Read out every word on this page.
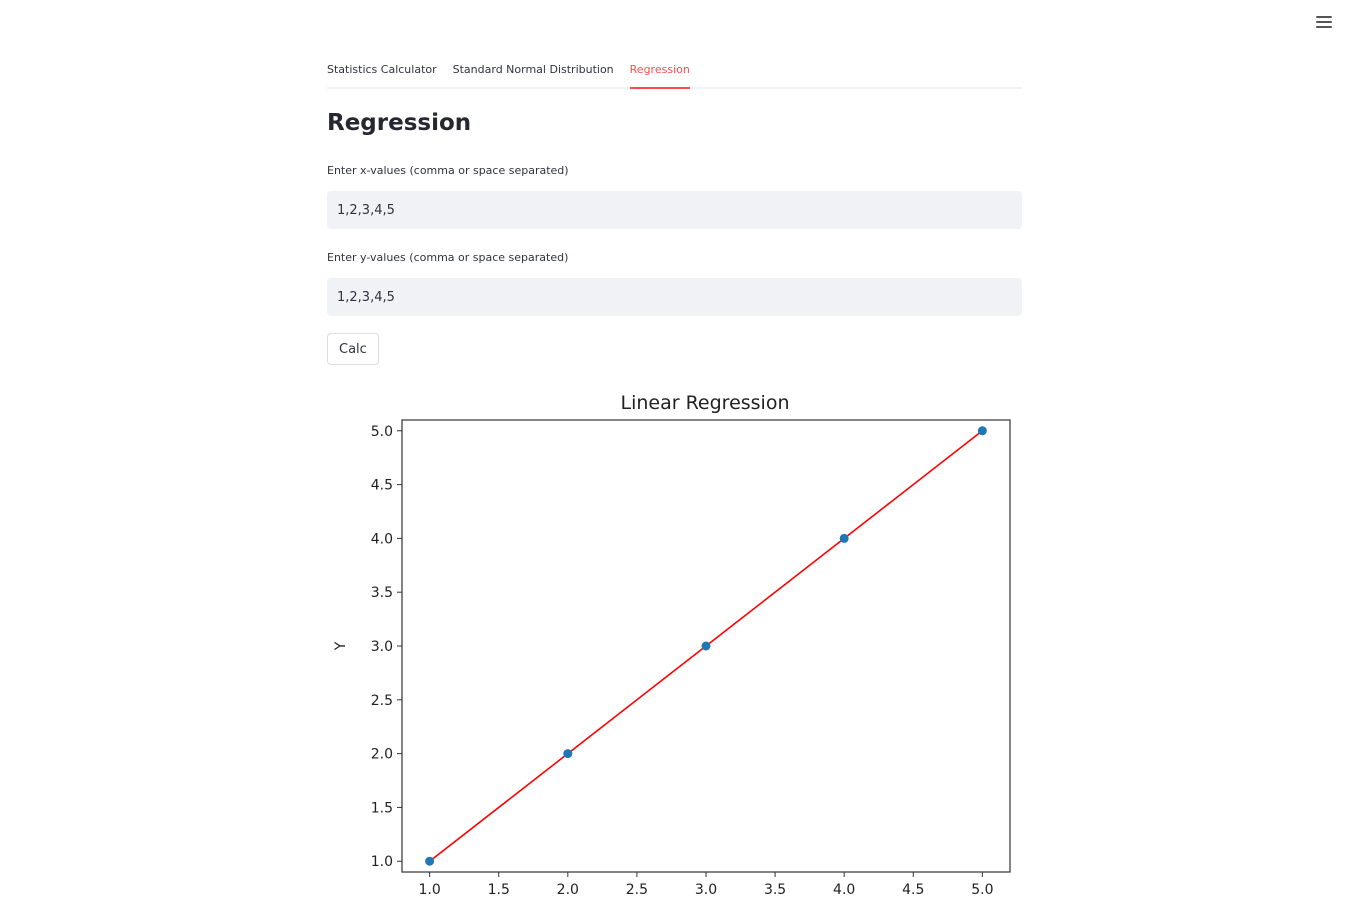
Statistics Calculator Standard Normal Distribution Regression
Regression
Enter x-values (comma or space separated)
1,2,3,4,5
Enter y-values (comma or space separated)
1,2,3,4,5
Calc
Linear Regression
Y
1.0
1.5
2.0
2.5
3.0
3.5
4.0
4.5
5.0
1.0	1.5	2.0	2.5	3.0	3.5	4.0	4.5	5.0
